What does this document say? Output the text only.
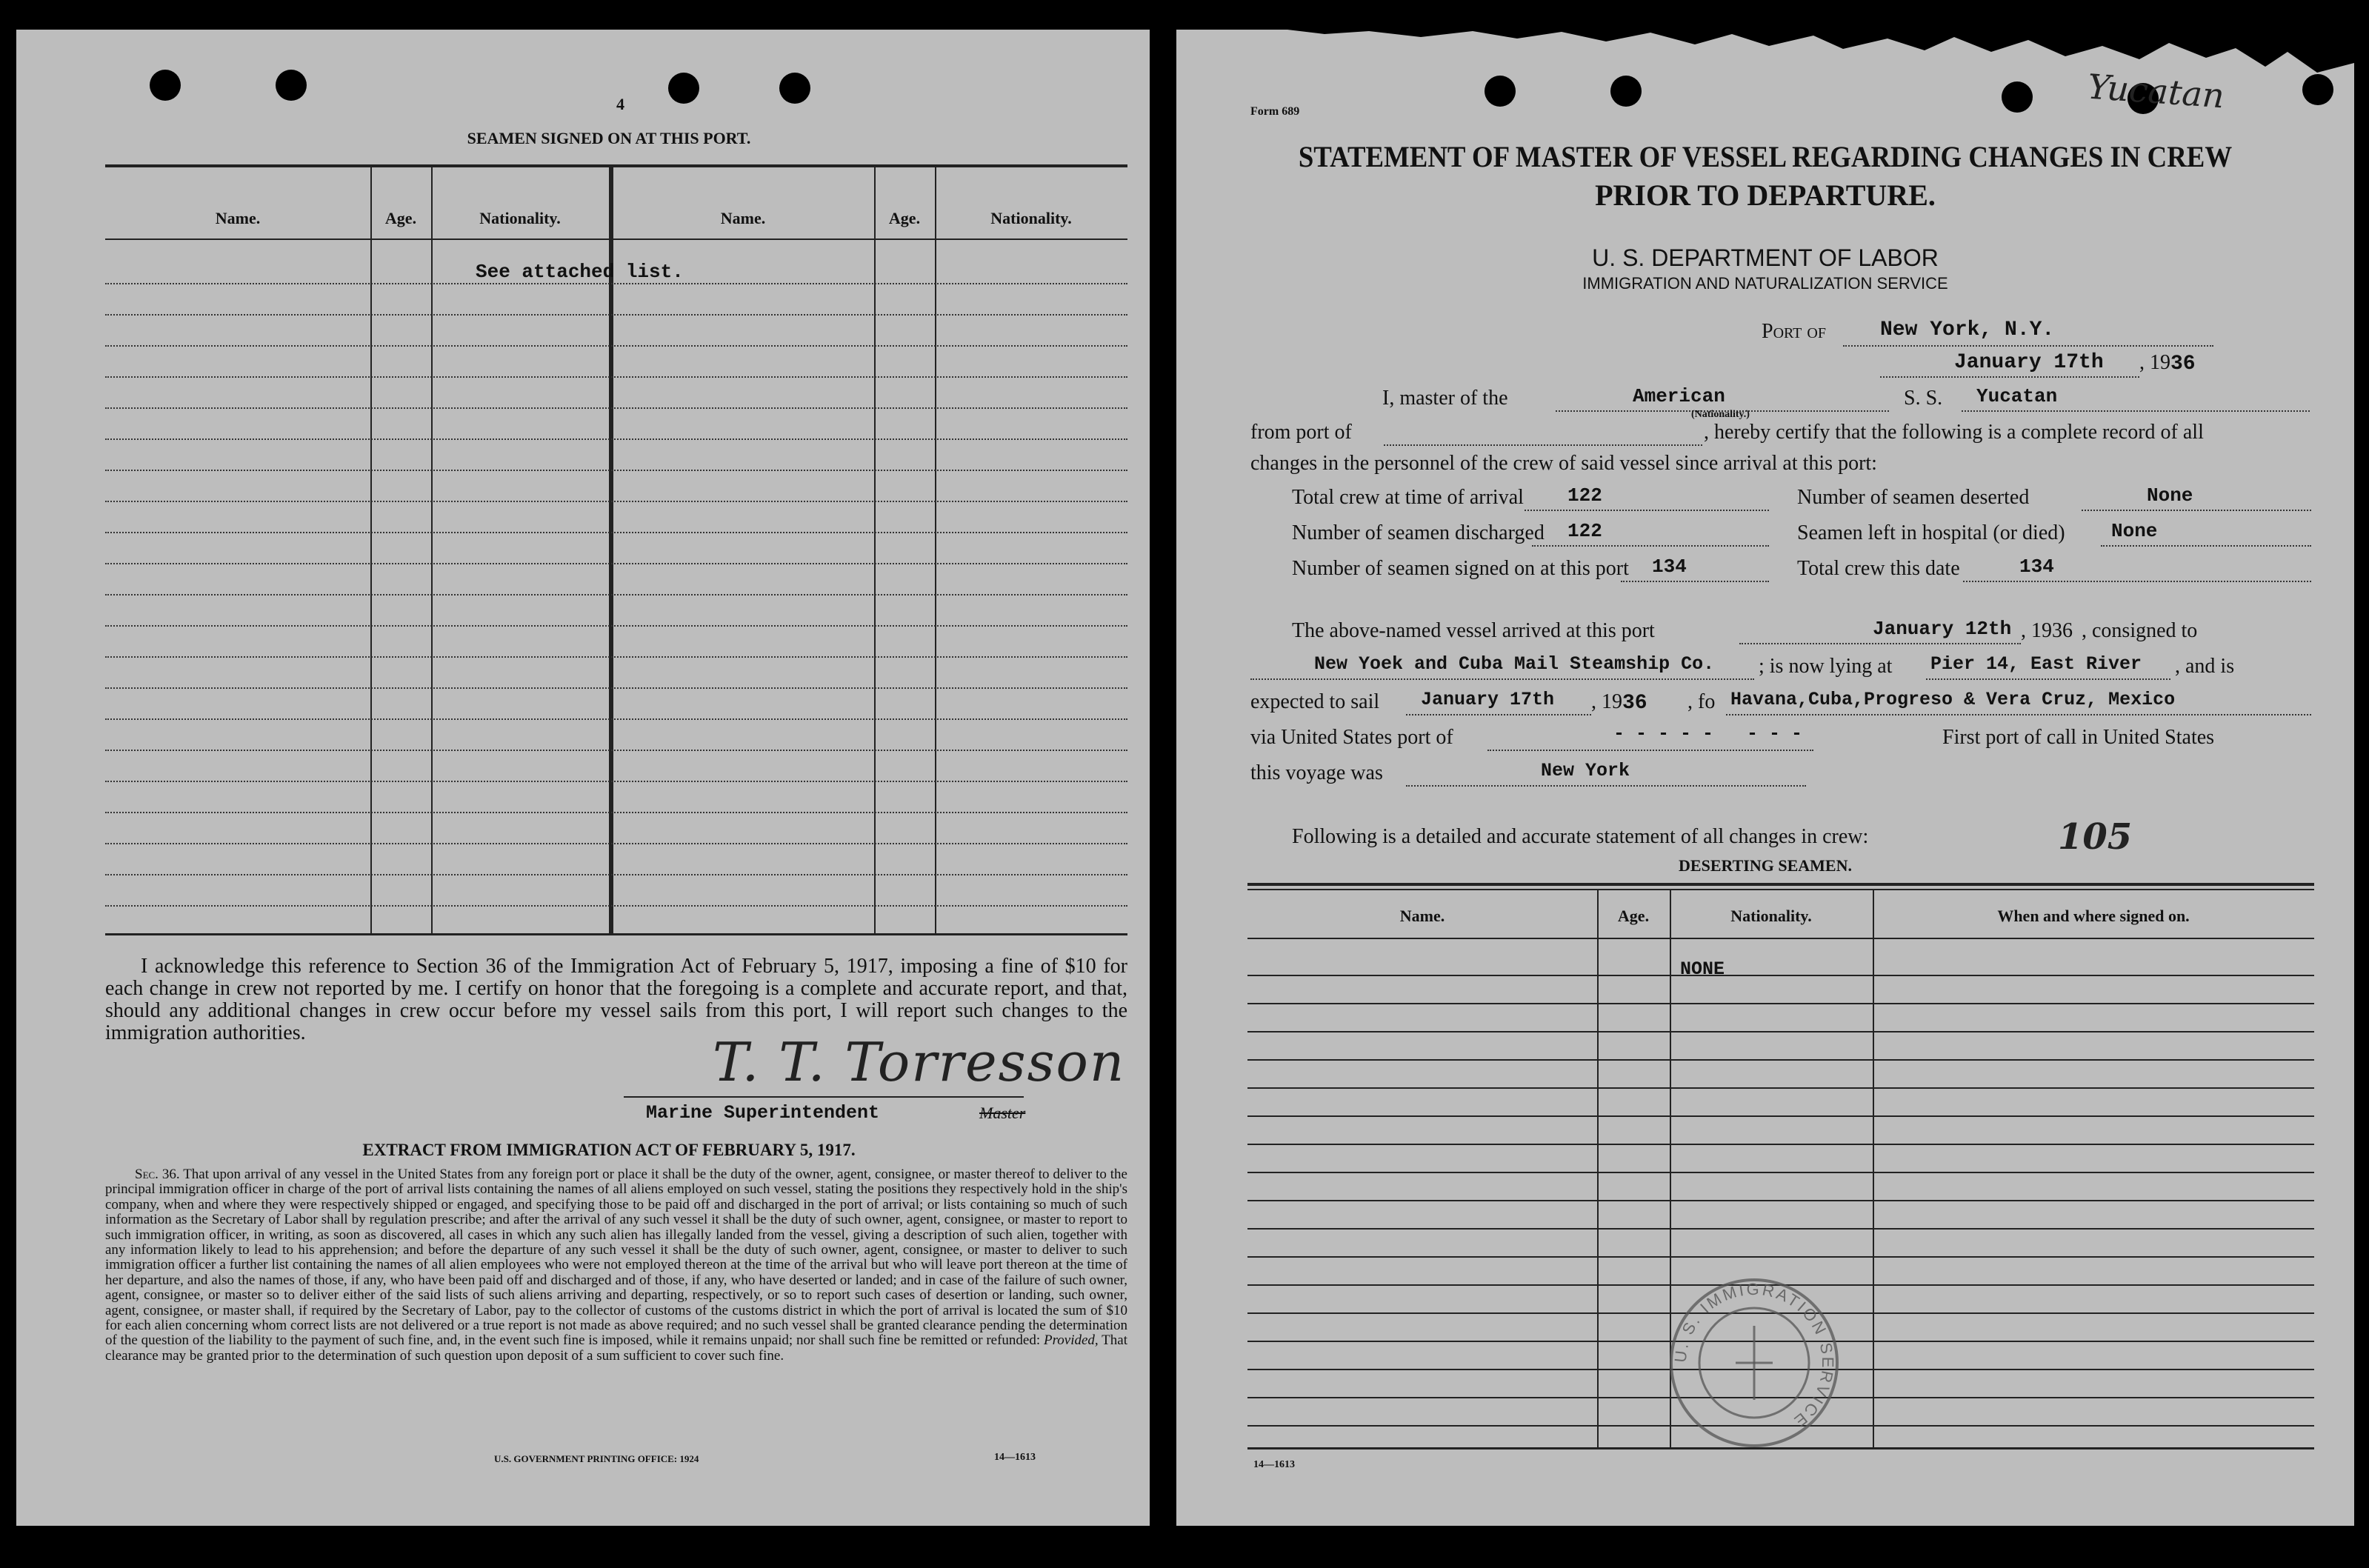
4
SEAMEN SIGNED ON AT THIS PORT.
Name.	Age.	Nationality.	Name.	Age.	Nationality.
See attached list.
I acknowledge this reference to Section 36 of the Immigration Act of February 5, 1917, imposing a fine of $10 for each change in crew not reported by me. I certify on honor that the foregoing is a complete and accurate report, and that, should any additional changes in crew occur before my vessel sails from this port, I will report such changes to the immigration authorities.	T. T. Torresson
Marine Superintendent	Master
EXTRACT FROM IMMIGRATION ACT OF FEBRUARY 5, 1917.
Sec. 36. That upon arrival of any vessel in the United States from any foreign port or place it shall be the duty of the owner, agent, consignee, or master thereof to deliver to the principal immigration officer in charge of the port of arrival lists containing the names of all aliens employed on such vessel, stating the positions they respectively hold in the ship's company, when and where they were respectively shipped or engaged, and specifying those to be paid off and discharged in the port of arrival; or lists containing so much of such information as the Secretary of Labor shall by regulation prescribe; and after the arrival of any such vessel it shall be the duty of such owner, agent, consignee, or master to report to such immigration officer, in writing, as soon as discovered, all cases in which any such alien has illegally landed from the vessel, giving a description of such alien, together with any information likely to lead to his apprehension; and before the departure of any such vessel it shall be the duty of such owner, agent, consignee, or master to deliver to such immigration officer a further list containing the names of all alien employees who were not employed thereon at the time of the arrival but who will leave port thereon at the time of her departure, and also the names of those, if any, who have been paid off and discharged and of those, if any, who have deserted or landed; and in case of the failure of such owner, agent, consignee, or master so to deliver either of the said lists of such aliens arriving and departing, respectively, or so to report such cases of desertion or landing, such owner, agent, consignee, or master shall, if required by the Secretary of Labor, pay to the collector of customs of the customs district in which the port of arrival is located the sum of $10 for each alien concerning whom correct lists are not delivered or a true report is not made as above required; and no such vessel shall be granted clearance pending the determination of the question of the liability to the payment of such fine, and, in the event such fine is imposed, while it remains unpaid; nor shall such fine be remitted or refunded: Provided, That clearance may be granted prior to the determination of such question upon deposit of a sum sufficient to cover such fine.
U.S. GOVERNMENT PRINTING OFFICE: 1924	14—1613
Form 689	Yucatan
STATEMENT OF MASTER OF VESSEL REGARDING CHANGES IN CREW
PRIOR TO DEPARTURE.
U. S. DEPARTMENT OF LABOR
IMMIGRATION AND NATURALIZATION SERVICE
Port of	New York, N.Y.
January 17th , 1936
I, master of the	American
(Nationality.)
S. S. Yucatan
from port of	, hereby certify that the following is a complete record of all
changes in the personnel of the crew of said vessel since arrival at this port:
Total crew at time of arrival 122	Number of seamen deserted	None
Number of seamen discharged 122	Seamen left in hospital (or died) None
Number of seamen signed on at this port 134	Total crew this date	134
The above-named vessel arrived at this port	January 12th , 1936 , consigned to
New Yoek and Cuba Mail Steamship Co. ; is now lying at Pier 14, East River , and is
expected to sail January 17th , 1936 , fo Havana,Cuba,Progreso & Vera Cruz, Mexico
via United States port of	- - - - -   - - -	First port of call in United States
this voyage was	New York
Following is a detailed and accurate statement of all changes in crew:	105
DESERTING SEAMEN.
Name.	Age.	Nationality.	When and where signed on.
NONE
U. S. IMMIGRATION SERVICE
14—1613
